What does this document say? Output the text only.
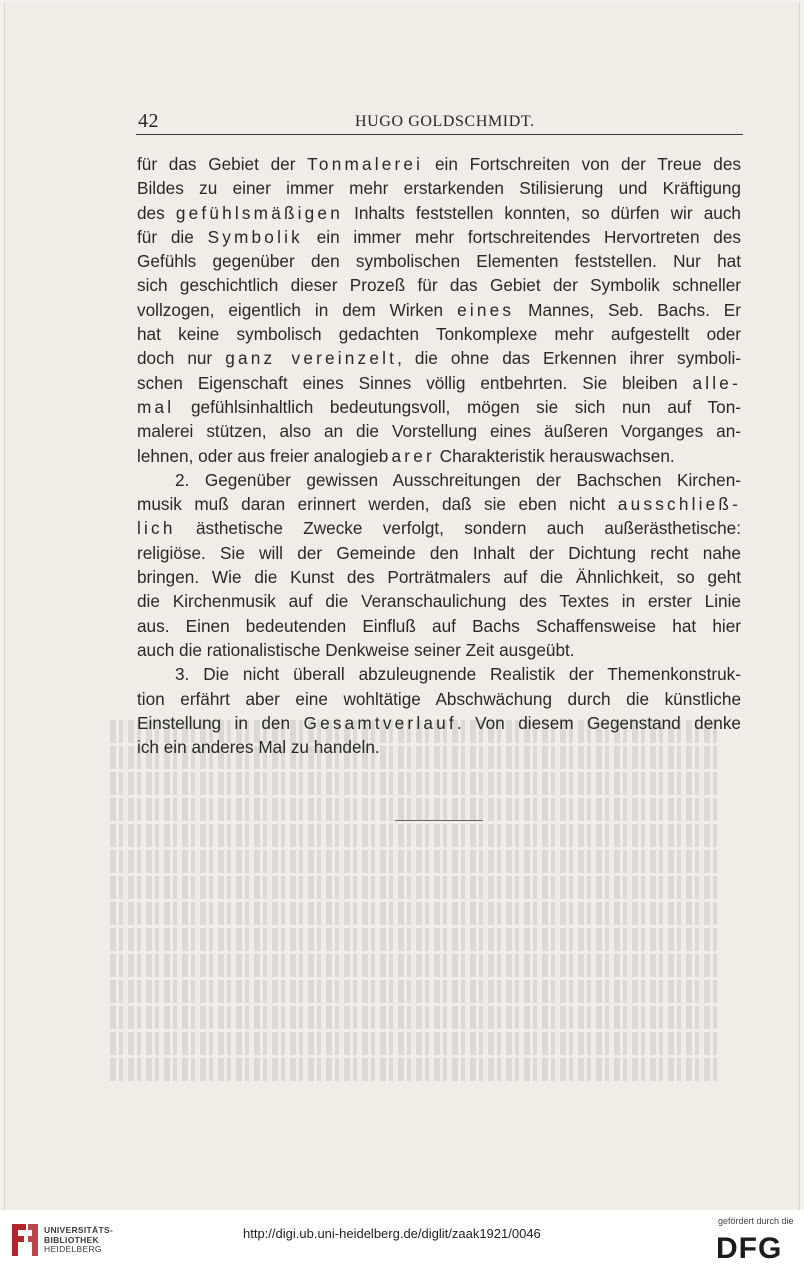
42	HUGO GOLDSCHMIDT.
für das Gebiet der Tonmalerei ein Fortschreiten von der Treue des
Bildes zu einer immer mehr erstarkenden Stilisierung und Kräftigung
des gefühlsmäßigen Inhalts feststellen konnten, so dürfen wir auch
für die Symbolik ein immer mehr fortschreitendes Hervortreten des
Gefühls gegenüber den symbolischen Elementen feststellen. Nur hat
sich geschichtlich dieser Prozeß für das Gebiet der Symbolik schneller
vollzogen, eigentlich in dem Wirken eines Mannes, Seb. Bachs. Er
hat keine symbolisch gedachten Tonkomplexe mehr aufgestellt oder
doch nur ganz vereinzelt, die ohne das Erkennen ihrer symboli-
schen Eigenschaft eines Sinnes völlig entbehrten. Sie bleiben alle-
mal gefühlsinhaltlich bedeutungsvoll, mögen sie sich nun auf Ton-
malerei stützen, also an die Vorstellung eines äußeren Vorganges an-
lehnen, oder aus freier analogiebarer Charakteristik herauswachsen.
2. Gegenüber gewissen Ausschreitungen der Bachschen Kirchen-
musik muß daran erinnert werden, daß sie eben nicht ausschließ-
lich ästhetische Zwecke verfolgt, sondern auch außerästhetische:
religiöse. Sie will der Gemeinde den Inhalt der Dichtung recht nahe
bringen. Wie die Kunst des Porträtmalers auf die Ähnlichkeit, so geht
die Kirchenmusik auf die Veranschaulichung des Textes in erster Linie
aus. Einen bedeutenden Einfluß auf Bachs Schaffensweise hat hier
auch die rationalistische Denkweise seiner Zeit ausgeübt.
3. Die nicht überall abzuleugnende Realistik der Themenkonstruk-
tion erfährt aber eine wohltätige Abschwächung durch die künstliche
Einstellung in den Gesamtverlauf. Von diesem Gegenstand denke
ich ein anderes Mal zu handeln.
UNIVERSITÄTS-
BIBLIOTHEK
HEIDELBERG
http://digi.ub.uni-heidelberg.de/diglit/zaak1921/0046
gefördert durch die
DFG
